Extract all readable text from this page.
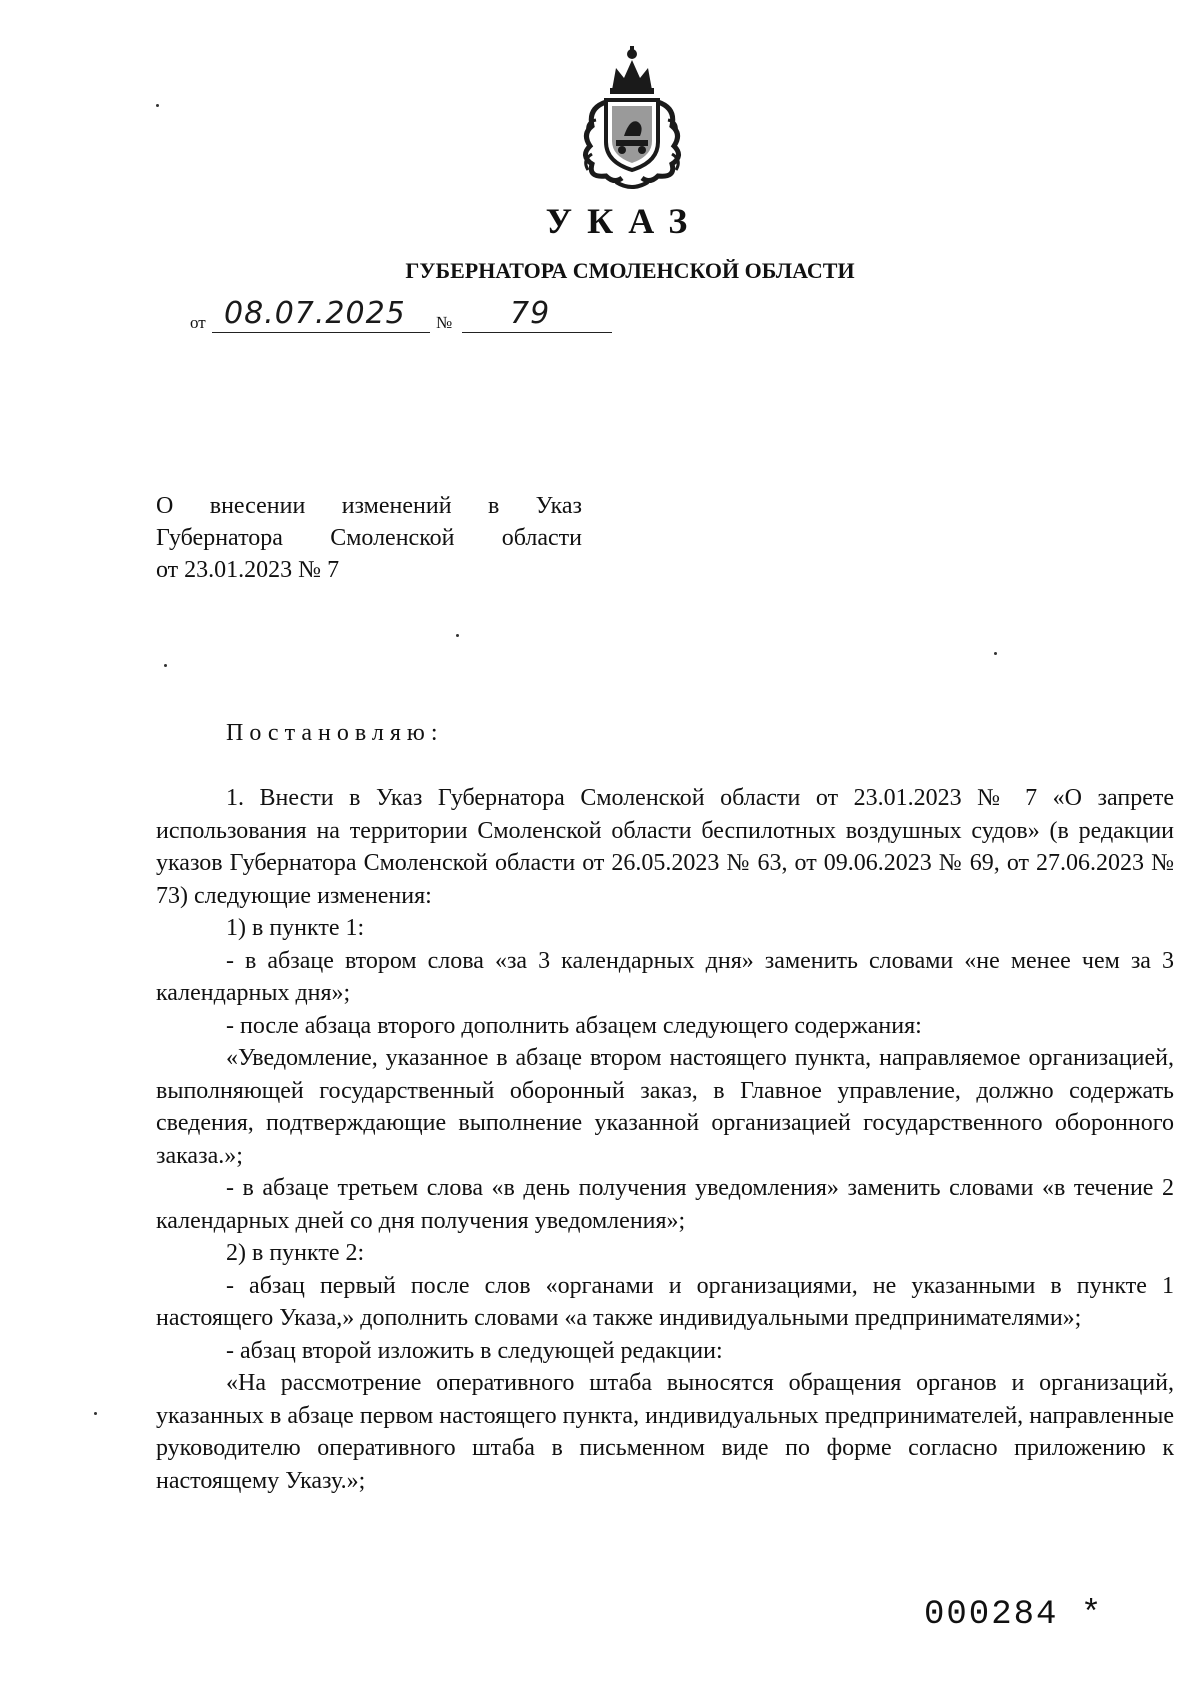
УКАЗ
ГУБЕРНАТОРА СМОЛЕНСКОЙ ОБЛАСТИ
от 08.07.2025 № 79
О внесении изменений в Указ
Губернатора Смоленской области
от 23.01.2023 № 7
Постановляю:

1. Внести в Указ Губернатора Смоленской области от 23.01.2023 № 7 «О запрете использования на территории Смоленской области беспилотных воздушных судов» (в редакции указов Губернатора Смоленской области от 26.05.2023 № 63, от 09.06.2023 № 69, от 27.06.2023 № 73) следующие изменения:

1) в пункте 1:

- в абзаце втором слова «за 3 календарных дня» заменить словами «не менее чем за 3 календарных дня»;

- после абзаца второго дополнить абзацем следующего содержания:

«Уведомление, указанное в абзаце втором настоящего пункта, направляемое организацией, выполняющей государственный оборонный заказ, в Главное управление, должно содержать сведения, подтверждающие выполнение указанной организацией государственного оборонного заказа.»;

- в абзаце третьем слова «в день получения уведомления» заменить словами «в течение 2 календарных дней со дня получения уведомления»;

2) в пункте 2:

- абзац первый после слов «органами и организациями, не указанными в пункте 1 настоящего Указа,» дополнить словами «а также индивидуальными предпринимателями»;

- абзац второй изложить в следующей редакции:

«На рассмотрение оперативного штаба выносятся обращения органов и организаций, указанных в абзаце первом настоящего пункта, индивидуальных предпринимателей, направленные руководителю оперативного штаба в письменном виде по форме согласно приложению к настоящему Указу.»;

000284 *
